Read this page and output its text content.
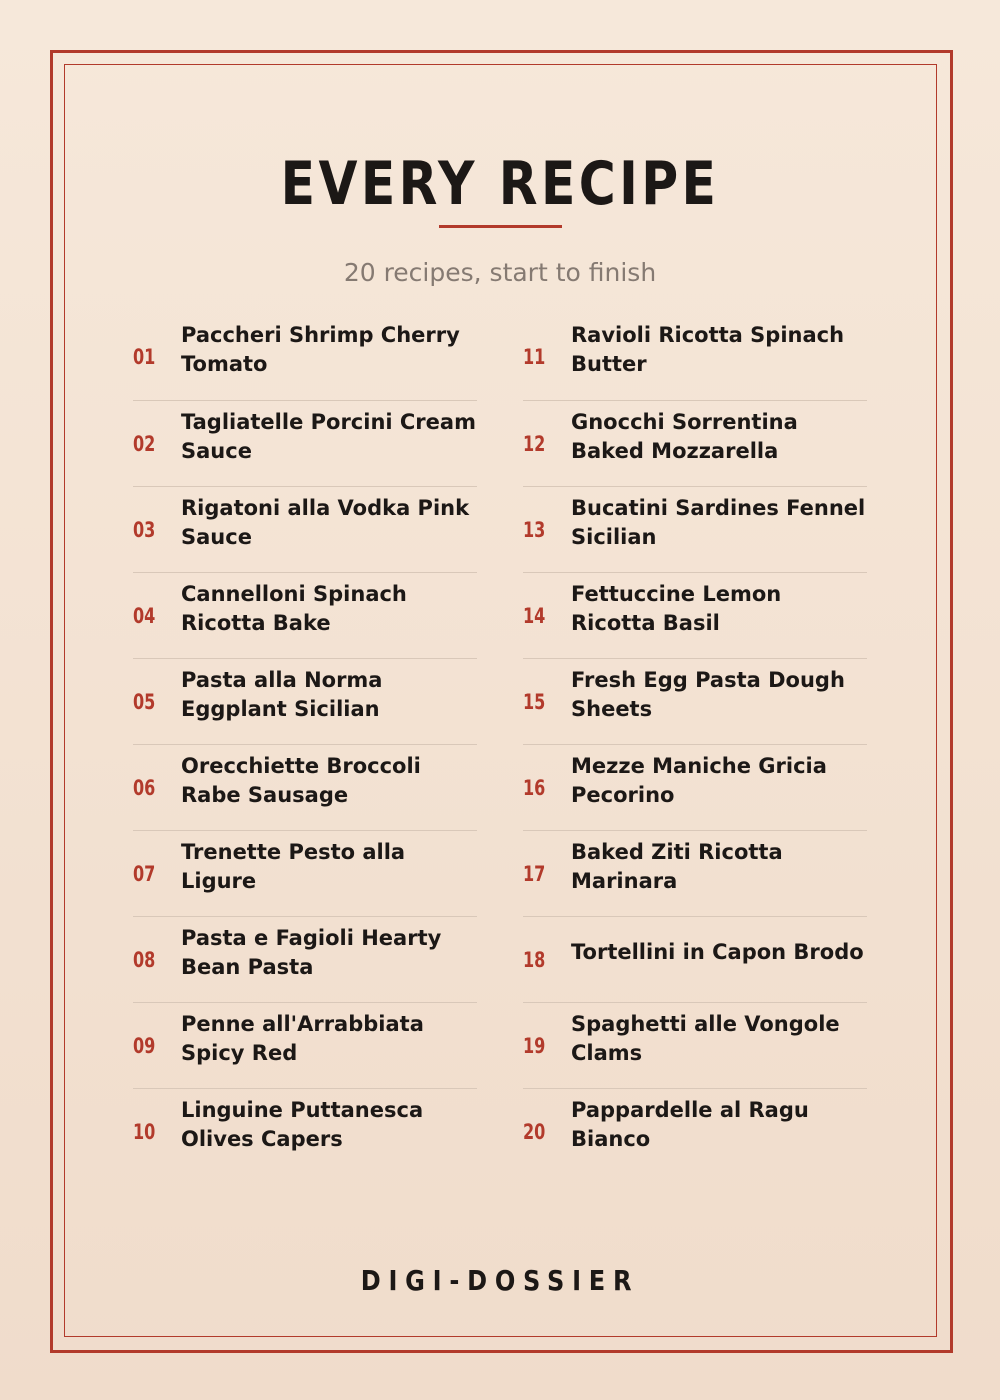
EVERY RECIPE
20 recipes, start to finish
01
Paccheri Shrimp Cherry Tomato
02
Tagliatelle Porcini Cream Sauce
03
Rigatoni alla Vodka Pink Sauce
04
Cannelloni Spinach Ricotta Bake
05
Pasta alla Norma Eggplant Sicilian
06
Orecchiette Broccoli Rabe Sausage
07
Trenette Pesto alla Ligure
08
Pasta e Fagioli Hearty Bean Pasta
09
Penne all'Arrabbiata Spicy Red
10
Linguine Puttanesca Olives Capers
11
Ravioli Ricotta Spinach Butter
12
Gnocchi Sorrentina Baked Mozzarella
13
Bucatini Sardines Fennel Sicilian
14
Fettuccine Lemon Ricotta Basil
15
Fresh Egg Pasta Dough Sheets
16
Mezze Maniche Gricia Pecorino
17
Baked Ziti Ricotta Marinara
18 Tortellini in Capon Brodo
19
Spaghetti alle Vongole Clams
20
Pappardelle al Ragu Bianco
DIGI-DOSSIER
